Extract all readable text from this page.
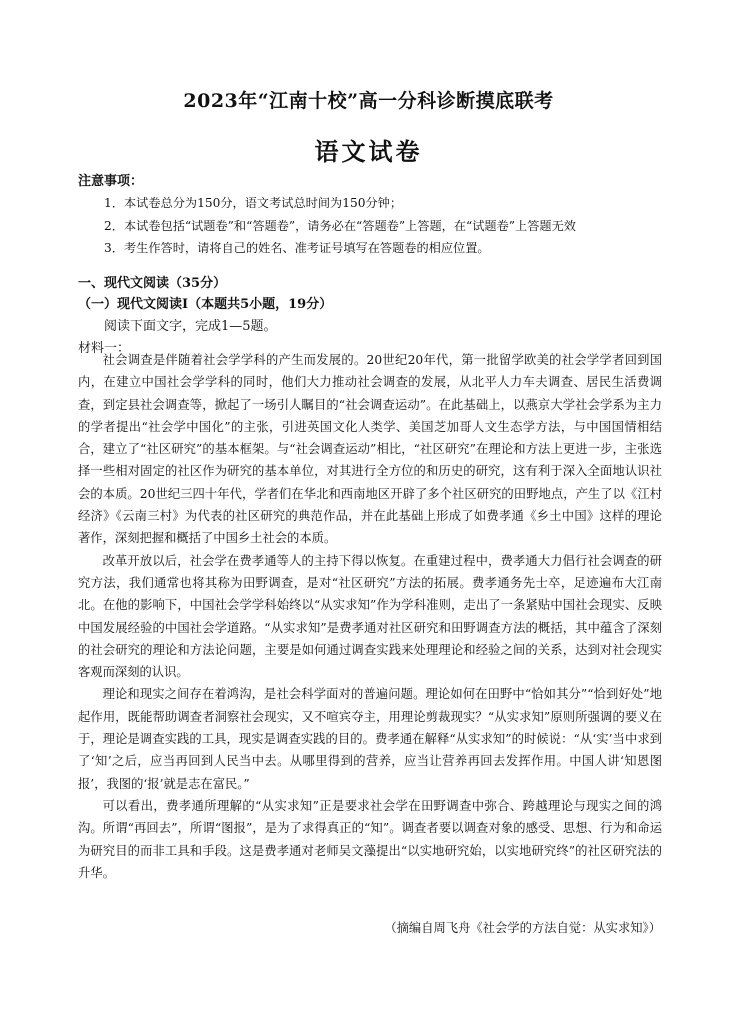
2023年“江南十校”高一分科诊断摸底联考
语文试卷
注意事项：
1．本试卷总分为150分，语文考试总时间为150分钟；
2．本试卷包括“试题卷”和“答题卷”，请务必在“答题卷”上答题，在“试题卷”上答题无效
3．考生作答时，请将自己的姓名、准考证号填写在答题卷的相应位置。
一、现代文阅读（35分）
（一）现代文阅读Ⅰ（本题共5小题，19分）
阅读下面文字，完成1—5题。
材料一：

社会调查是伴随着社会学学科的产生而发展的。20世纪20年代，第一批留学欧美的社会学学者回到国内，在建立中国社会学学科的同时，他们大力推动社会调查的发展，从北平人力车夫调查、居民生活费调查，到定县社会调查等，掀起了一场引人瞩目的“社会调查运动”。在此基础上，以燕京大学社会学系为主力的学者提出“社会学中国化”的主张，引进英国文化人类学、美国芝加哥人文生态学方法，与中国国情相结合，建立了“社区研究”的基本框架。与“社会调查运动”相比，“社区研究”在理论和方法上更进一步，主张选择一些相对固定的社区作为研究的基本单位，对其进行全方位的和历史的研究，这有利于深入全面地认识社会的本质。20世纪三四十年代，学者们在华北和西南地区开辟了多个社区研究的田野地点，产生了以《江村经济》《云南三村》为代表的社区研究的典范作品，并在此基础上形成了如费孝通《乡土中国》这样的理论著作，深刻把握和概括了中国乡土社会的本质。

改革开放以后，社会学在费孝通等人的主持下得以恢复。在重建过程中，费孝通大力倡行社会调查的研究方法，我们通常也将其称为田野调查，是对“社区研究”方法的拓展。费孝通务先士卒，足迹遍布大江南北。在他的影响下，中国社会学学科始终以“从实求知”作为学科准则，走出了一条紧贴中国社会现实、反映中国发展经验的中国社会学道路。“从实求知”是费孝通对社区研究和田野调查方法的概括，其中蕴含了深刻的社会研究的理论和方法论问题，主要是如何通过调查实践来处理理论和经验之间的关系，达到对社会现实客观而深刻的认识。

理论和现实之间存在着鸿沟，是社会科学面对的普遍问题。理论如何在田野中“恰如其分”“恰到好处”地起作用，既能帮助调查者洞察社会现实，又不喧宾夺主，用理论剪裁现实？“从实求知”原则所强调的要义在于，理论是调查实践的工具，现实是调查实践的目的。费孝通在解释“从实求知”的时候说：“从‘实’当中求到了‘知’之后，应当再回到人民当中去。从哪里得到的营养，应当让营养再回去发挥作用。中国人讲‘知恩图报’，我图的‘报’就是志在富民。”

可以看出，费孝通所理解的“从实求知”正是要求社会学在田野调查中弥合、跨越理论与现实之间的鸿沟。所谓“再回去”，所谓“图报”，是为了求得真正的“知”。调查者要以调查对象的感受、思想、行为和命运为研究目的而非工具和手段。这是费孝通对老师吴文藻提出“以实地研究始，以实地研究终”的社区研究法的升华。

（摘编自周飞舟《社会学的方法自觉：从实求知》）
